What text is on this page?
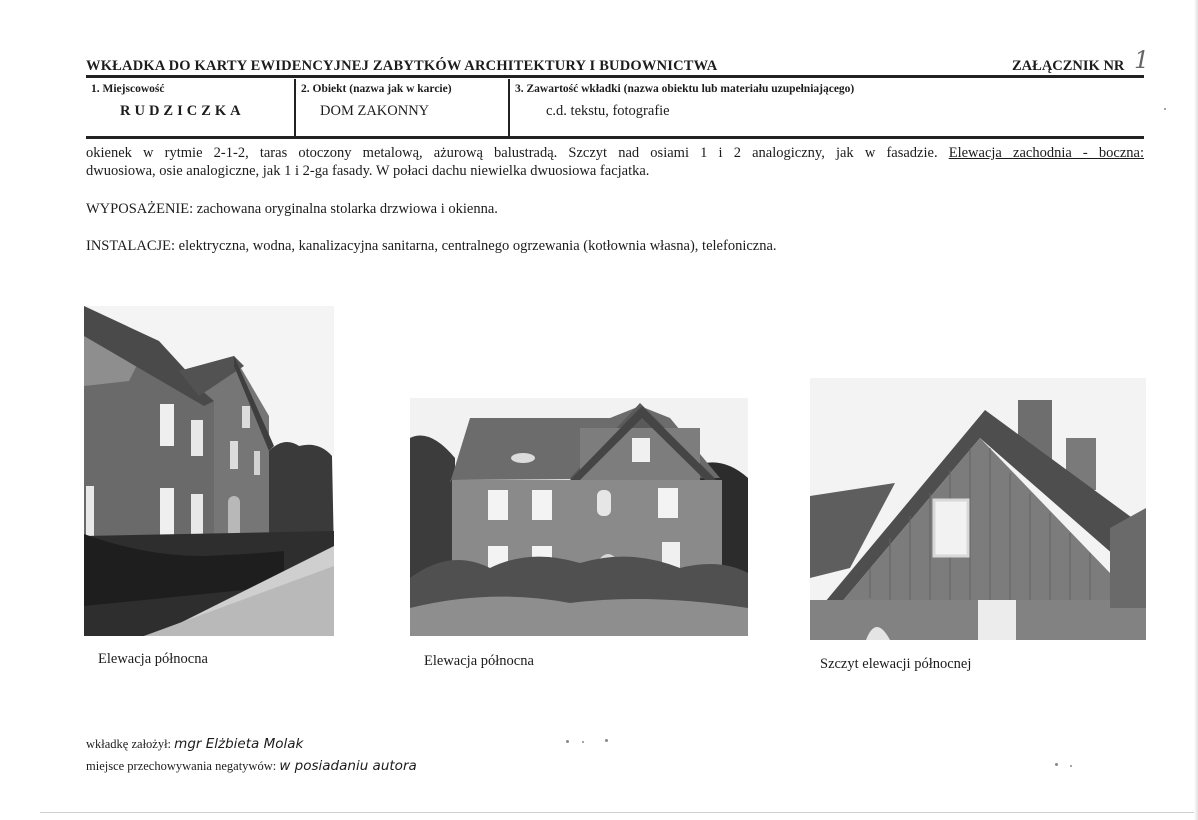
WKŁADKA DO KARTY EWIDENCYJNEJ ZABYTKÓW ARCHITEKTURY I BUDOWNICTWA	ZAŁĄCZNIK NR 1
1. Miejscowość
RUDZICZKA
2. Obiekt (nazwa jak w karcie)
DOM ZAKONNY
3. Zawartość wkładki (nazwa obiektu lub materiału uzupełniającego)
c.d. tekstu, fotografie
okienek w rytmie 2-1-2, taras otoczony metalową, ażurową balustradą. Szczyt nad osiami 1 i 2 analogiczny, jak w fasadzie. Elewacja zachodnia - boczna:
dwuosiowa, osie analogiczne, jak 1 i 2-ga fasady. W połaci dachu niewielka dwuosiowa facjatka.
WYPOSAŻENIE: zachowana oryginalna stolarka drzwiowa i okienna.
INSTALACJE: elektryczna, wodna, kanalizacyjna sanitarna, centralnego ogrzewania (kotłownia własna), telefoniczna.
Elewacja północna	Elewacja północna	Szczyt elewacji północnej
wkładkę założył: mgr Elżbieta Molak
miejsce przechowywania negatywów: w posiadaniu autora
